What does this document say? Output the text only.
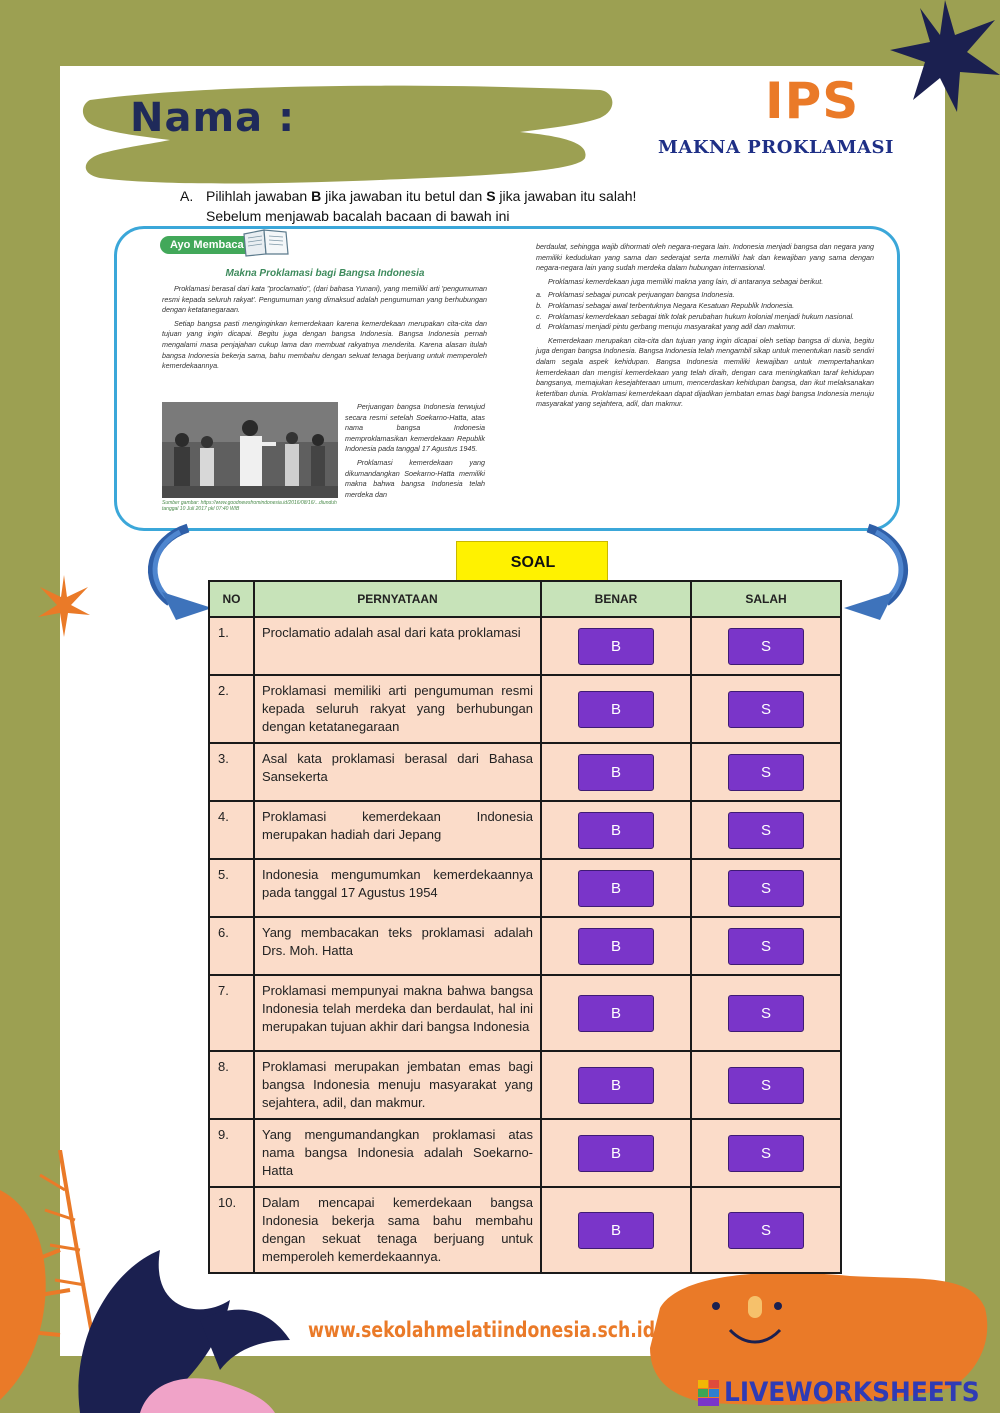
Nama :	IPS
MAKNA PROKLAMASI
A. Pilihlah jawaban B jika jawaban itu betul dan S jika jawaban itu salah!
Sebelum menjawab bacalah bacaan di bawah ini
Ayo Membaca
Makna Proklamasi bagi Bangsa Indonesia

Proklamasi berasal dari kata "proclamatio", (dari bahasa Yunani), yang memiliki arti 'pengumuman resmi kepada seluruh rakyat'. Pengumuman yang dimaksud adalah pengumuman yang berhubungan dengan ketatanegaraan.

Setiap bangsa pasti menginginkan kemerdekaan karena kemerdekaan merupakan cita-cita dan tujuan yang ingin dicapai. Begitu juga dengan bangsa Indonesia. Bangsa Indonesia pernah mengalami masa penjajahan cukup lama dan membuat rakyatnya menderita. Karena alasan itulah bangsa Indonesia bekerja sama, bahu membahu dengan sekuat tenaga berjuang untuk memperoleh kemerdekaannya.

Sumber gambar: https://www.goodnewsfromindonesia.id/2016/08/16/...diunduh tanggal 10 Juli 2017 pkl 07:40 WIB

Perjuangan bangsa Indonesia terwujud secara resmi setelah Soekarno-Hatta, atas nama bangsa Indonesia memproklamasikan kemerdekaan Republik Indonesia pada tanggal 17 Agustus 1945.

Proklamasi kemerdekaan yang dikumandangkan Soekarno-Hatta memiliki makna bahwa bangsa Indonesia telah merdeka dan

berdaulat, sehingga wajib dihormati oleh negara-negara lain. Indonesia menjadi bangsa dan negara yang memiliki kedudukan yang sama dan sederajat serta memiliki hak dan kewajiban yang sama dengan negara-negara lain yang sudah merdeka dalam hubungan internasional.

Proklamasi kemerdekaan juga memiliki makna yang lain, di antaranya sebagai berikut.

a. Proklamasi sebagai puncak perjuangan bangsa Indonesia.
b. Proklamasi sebagai awal terbentuknya Negara Kesatuan Republik Indonesia.
c. Proklamasi kemerdekaan sebagai titik tolak perubahan hukum kolonial menjadi hukum nasional.
d. Proklamasi menjadi pintu gerbang menuju masyarakat yang adil dan makmur.

Kemerdekaan merupakan cita-cita dan tujuan yang ingin dicapai oleh setiap bangsa di dunia, begitu juga dengan bangsa Indonesia. Bangsa Indonesia telah mengambil sikap untuk menentukan nasib sendiri dalam segala aspek kehidupan. Bangsa Indonesia memiliki kewajiban untuk mempertahankan kemerdekaan dan mengisi kemerdekaan yang telah diraih, dengan cara meningkatkan taraf kehidupan bangsanya, memajukan kesejahteraan umum, mencerdaskan kehidupan bangsa, dan ikut melaksanakan ketertiban dunia. Proklamasi kemerdekaan dapat dijadikan jembatan emas bagi bangsa Indonesia menuju masyarakat yang sejahtera, adil, dan makmur.

SOAL
NO	PERNYATAAN	BENAR	SALAH
1.	Proclamatio adalah asal dari kata proklamasi	B	S
2.	Proklamasi memiliki arti pengumuman resmi kepada seluruh rakyat yang berhubungan dengan ketatanegaraan	B	S
3.	Asal kata proklamasi berasal dari Bahasa Sansekerta	B	S
4.	Proklamasi kemerdekaan Indonesia merupakan hadiah dari Jepang	B	S
5.	Indonesia mengumumkan kemerdekaannya pada tanggal 17 Agustus 1954	B	S
6.	Yang membacakan teks proklamasi adalah Drs. Moh. Hatta	B	S
7.	Proklamasi mempunyai makna bahwa bangsa Indonesia telah merdeka dan berdaulat, hal ini merupakan tujuan akhir dari bangsa Indonesia	B	S
8.	Proklamasi merupakan jembatan emas bagi bangsa Indonesia menuju masyarakat yang sejahtera, adil, dan makmur.	B	S
9.	Yang mengumandangkan proklamasi atas nama bangsa Indonesia adalah Soekarno-Hatta	B	S
10.	Dalam mencapai kemerdekaan bangsa Indonesia bekerja sama bahu membahu dengan sekuat tenaga berjuang untuk memperoleh kemerdekaannya.	B	S
www.sekolahmelatiindonesia.sch.id
LIVEWORKSHEETS
